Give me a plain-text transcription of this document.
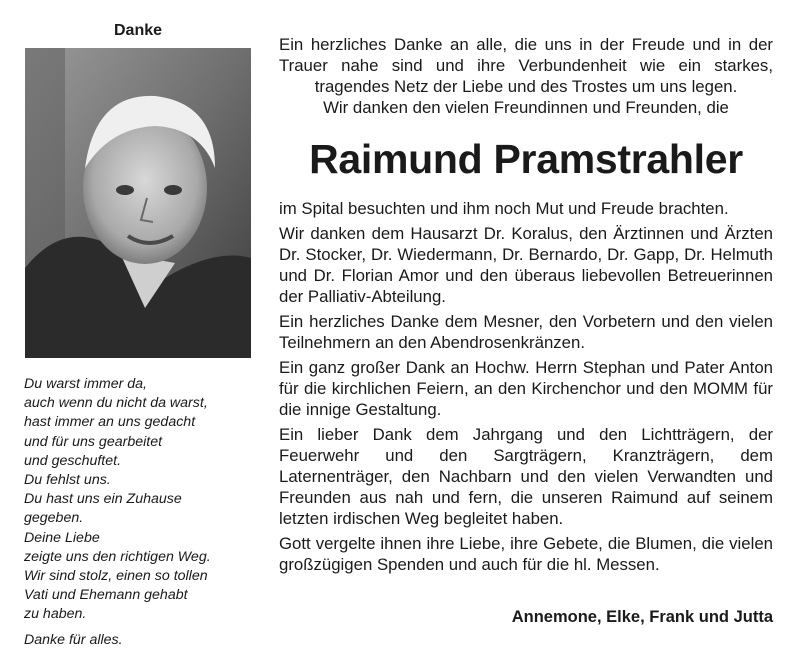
Danke
Du warst immer da,
auch wenn du nicht da warst,
hast immer an uns gedacht
und für uns gearbeitet
und geschuftet.
Du fehlst uns.
Du hast uns ein Zuhause
gegeben.
Deine Liebe
zeigte uns den richtigen Weg.
Wir sind stolz, einen so tollen
Vati und Ehemann gehabt
zu haben.
Danke für alles.
Ein herzliches Danke an alle, die uns in der Freude und in der Trauer nahe sind und ihre Verbundenheit wie ein starkes, tragendes Netz der Liebe und des Trostes um uns legen.
Wir danken den vielen Freundinnen und Freunden, die
Raimund Pramstrahler
im Spital besuchten und ihm noch Mut und Freude brachten.
Wir danken dem Hausarzt Dr. Koralus, den Ärztinnen und Ärzten Dr. Stocker, Dr. Wiedermann, Dr. Bernardo, Dr. Gapp, Dr. Helmuth und Dr. Florian Amor und den überaus liebevollen Betreuerinnen der Palliativ-Abteilung.
Ein herzliches Danke dem Mesner, den Vorbetern und den vielen Teilnehmern an den Abendrosenkränzen.
Ein ganz großer Dank an Hochw. Herrn Stephan und Pater Anton für die kirchlichen Feiern, an den Kirchenchor und den MOMM für die innige Gestaltung.
Ein lieber Dank dem Jahrgang und den Lichtträgern, der Feuerwehr und den Sargträgern, Kranzträgern, dem Laternenträger, den Nachbarn und den vielen Verwandten und Freunden aus nah und fern, die unseren Raimund auf seinem letzten irdischen Weg begleitet haben.
Gott vergelte ihnen ihre Liebe, ihre Gebete, die Blumen, die vielen großzügigen Spenden und auch für die hl. Messen.
Annemone, Elke, Frank und Jutta
